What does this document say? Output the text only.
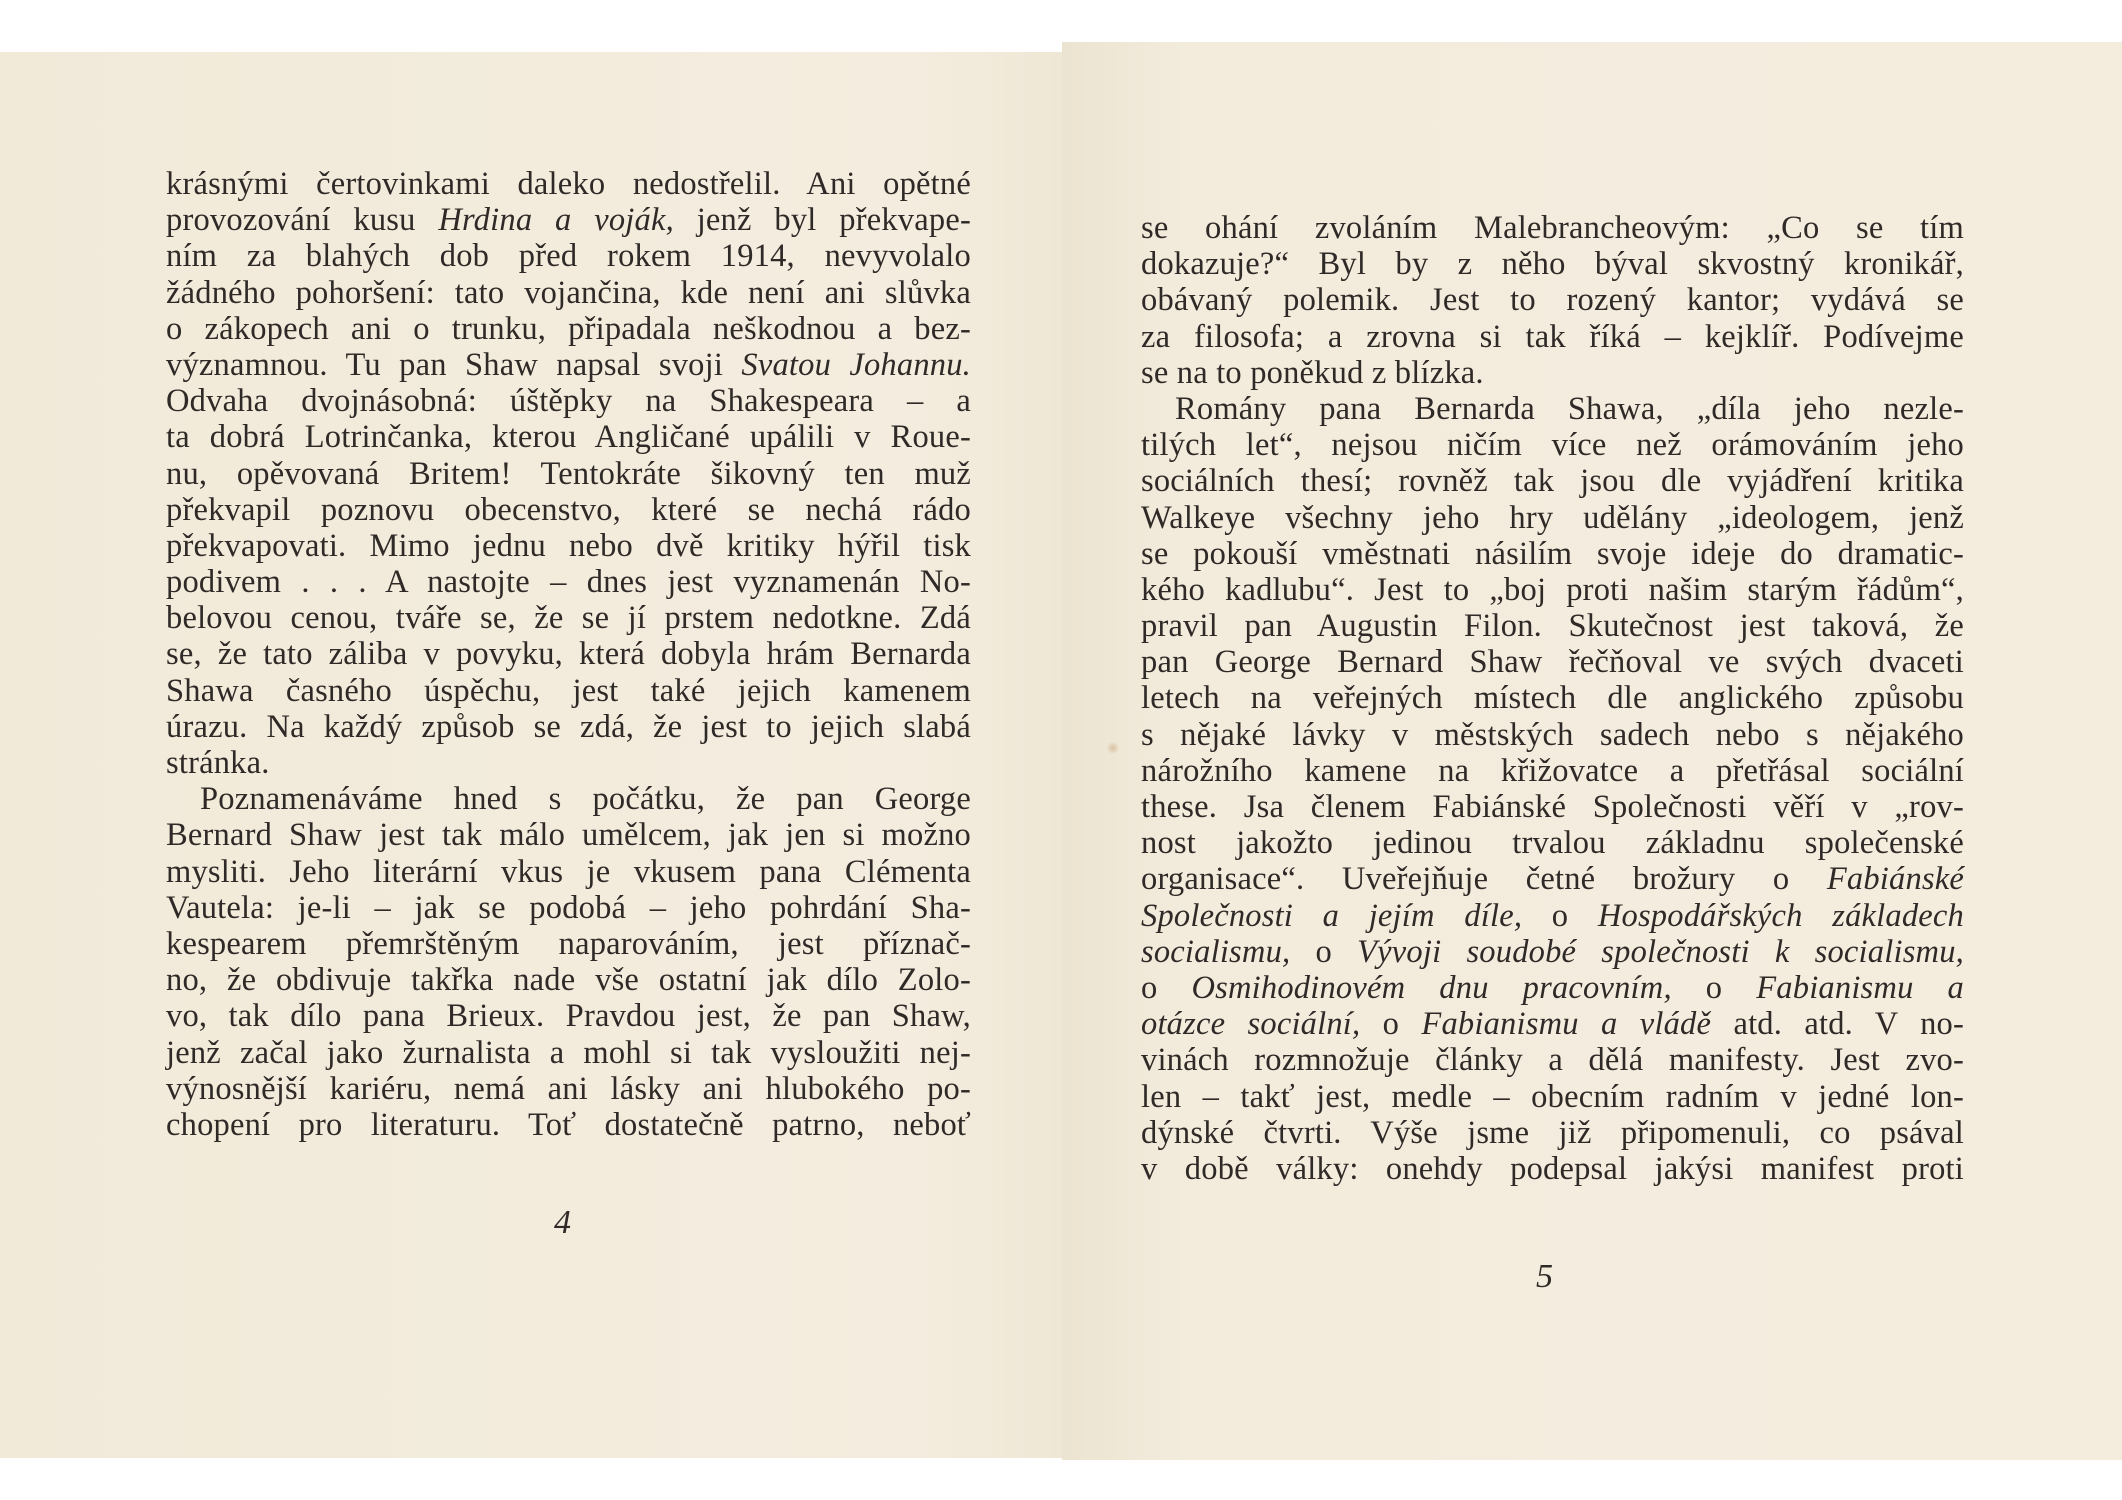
krásnými čertovinkami daleko nedostřelil. Ani opětné
provozování kusu Hrdina a voják, jenž byl překvape-
ním za blahých dob před rokem 1914, nevyvolalo
žádného pohoršení: tato vojančina, kde není ani slůvka
o zákopech ani o trunku, připadala neškodnou a bez-
významnou. Tu pan Shaw napsal svoji Svatou Johannu.
Odvaha dvojnásobná: úštěpky na Shakespeara – a
ta dobrá Lotrinčanka, kterou Angličané upálili v Roue-
nu, opěvovaná Britem! Tentokráte šikovný ten muž
překvapil poznovu obecenstvo, které se nechá rádo
překvapovati. Mimo jednu nebo dvě kritiky hýřil tisk
podivem . . . A nastojte – dnes jest vyznamenán No-
belovou cenou, tváře se, že se jí prstem nedotkne. Zdá
se, že tato záliba v povyku, která dobyla hrám Bernarda
Shawa časného úspěchu, jest také jejich kamenem
úrazu. Na každý způsob se zdá, že jest to jejich slabá
stránka.
Poznamenáváme hned s počátku, že pan George
Bernard Shaw jest tak málo umělcem, jak jen si možno
mysliti. Jeho literární vkus je vkusem pana Clémenta
Vautela: je-li – jak se podobá – jeho pohrdání Sha-
kespearem přemrštěným naparováním, jest příznač-
no, že obdivuje takřka nade vše ostatní jak dílo Zolo-
vo, tak dílo pana Brieux. Pravdou jest, že pan Shaw,
jenž začal jako žurnalista a mohl si tak vysloužiti nej-
výnosnější kariéru, nemá ani lásky ani hlubokého po-
chopení pro literaturu. Toť dostatečně patrno, neboť
4
se ohání zvoláním Malebrancheovým: „Co se tím
dokazuje?“ Byl by z něho býval skvostný kronikář,
obávaný polemik. Jest to rozený kantor; vydává se
za filosofa; a zrovna si tak říká – kejklíř. Podívejme
se na to poněkud z blízka.
Romány pana Bernarda Shawa, „díla jeho nezle-
tilých let“, nejsou ničím více než orámováním jeho
sociálních thesí; rovněž tak jsou dle vyjádření kritika
Walkeye všechny jeho hry udělány „ideologem, jenž
se pokouší vměstnati násilím svoje ideje do dramatic-
kého kadlubu“. Jest to „boj proti našim starým řádům“,
pravil pan Augustin Filon. Skutečnost jest taková, že
pan George Bernard Shaw řečňoval ve svých dvaceti
letech na veřejných místech dle anglického způsobu
s nějaké lávky v městských sadech nebo s nějakého
nárožního kamene na křižovatce a přetřásal sociální
these. Jsa členem Fabiánské Společnosti věří v „rov-
nost jakožto jedinou trvalou základnu společenské
organisace“. Uveřejňuje četné brožury o Fabiánské
Společnosti a jejím díle, o Hospodářských základech
socialismu, o Vývoji soudobé společnosti k socialismu,
o Osmihodinovém dnu pracovním, o Fabianismu a
otázce sociální, o Fabianismu a vládě atd. atd. V no-
vinách rozmnožuje články a dělá manifesty. Jest zvo-
len – takť jest, medle – obecním radním v jedné lon-
dýnské čtvrti. Výše jsme již připomenuli, co psával
v době války: onehdy podepsal jakýsi manifest proti
5
